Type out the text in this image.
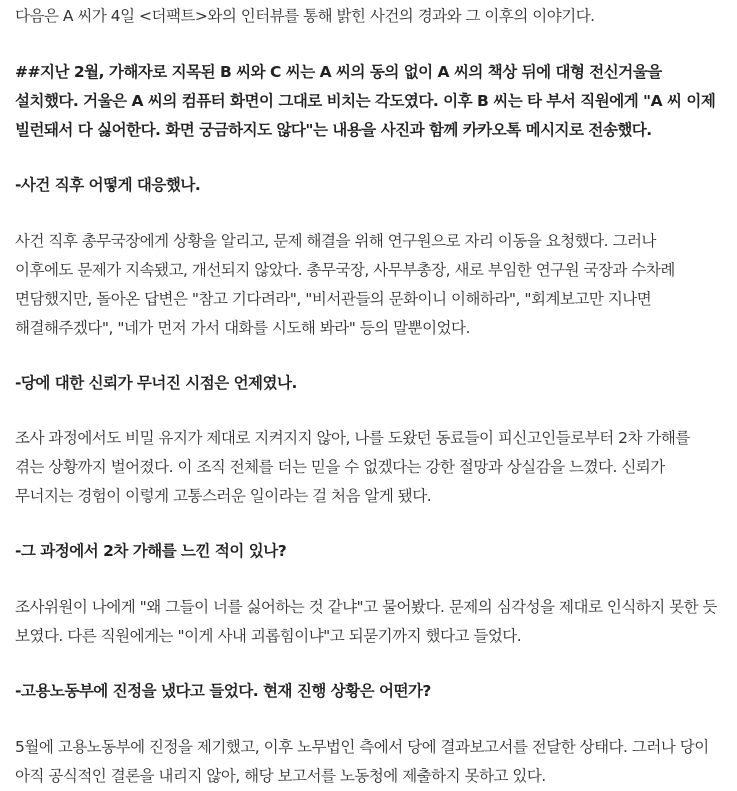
다음은 A 씨가 4일 <더팩트>와의 인터뷰를 통해 밝힌 사건의 경과와 그 이후의 이야기다.

##지난 2월, 가해자로 지목된 B 씨와 C 씨는 A 씨의 동의 없이 A 씨의 책상 뒤에 대형 전신거울을 설치했다. 거울은 A 씨의 컴퓨터 화면이 그대로 비치는 각도였다. 이후 B 씨는 타 부서 직원에게 "A 씨 이제 빌런돼서 다 싫어한다. 화면 궁금하지도 않다"는 내용을 사진과 함께 카카오톡 메시지로 전송했다.

-사건 직후 어떻게 대응했나.

사건 직후 총무국장에게 상황을 알리고, 문제 해결을 위해 연구원으로 자리 이동을 요청했다. 그러나 이후에도 문제가 지속됐고, 개선되지 않았다. 총무국장, 사무부총장, 새로 부임한 연구원 국장과 수차례 면담했지만, 돌아온 답변은 "참고 기다려라", "비서관들의 문화이니 이해하라", "회계보고만 지나면 해결해주겠다", "네가 먼저 가서 대화를 시도해 봐라" 등의 말뿐이었다.

-당에 대한 신뢰가 무너진 시점은 언제였나.

조사 과정에서도 비밀 유지가 제대로 지켜지지 않아, 나를 도왔던 동료들이 피신고인들로부터 2차 가해를 겪는 상황까지 벌어졌다. 이 조직 전체를 더는 믿을 수 없겠다는 강한 절망과 상실감을 느꼈다. 신뢰가 무너지는 경험이 이렇게 고통스러운 일이라는 걸 처음 알게 됐다.

-그 과정에서 2차 가해를 느낀 적이 있나?

조사위원이 나에게 "왜 그들이 너를 싫어하는 것 같냐"고 물어봤다. 문제의 심각성을 제대로 인식하지 못한 듯 보였다. 다른 직원에게는 "이게 사내 괴롭힘이냐"고 되묻기까지 했다고 들었다.

-고용노동부에 진정을 냈다고 들었다. 현재 진행 상황은 어떤가?

5월에 고용노동부에 진정을 제기했고, 이후 노무법인 측에서 당에 결과보고서를 전달한 상태다. 그러나 당이 아직 공식적인 결론을 내리지 않아, 해당 보고서를 노동청에 제출하지 못하고 있다.
